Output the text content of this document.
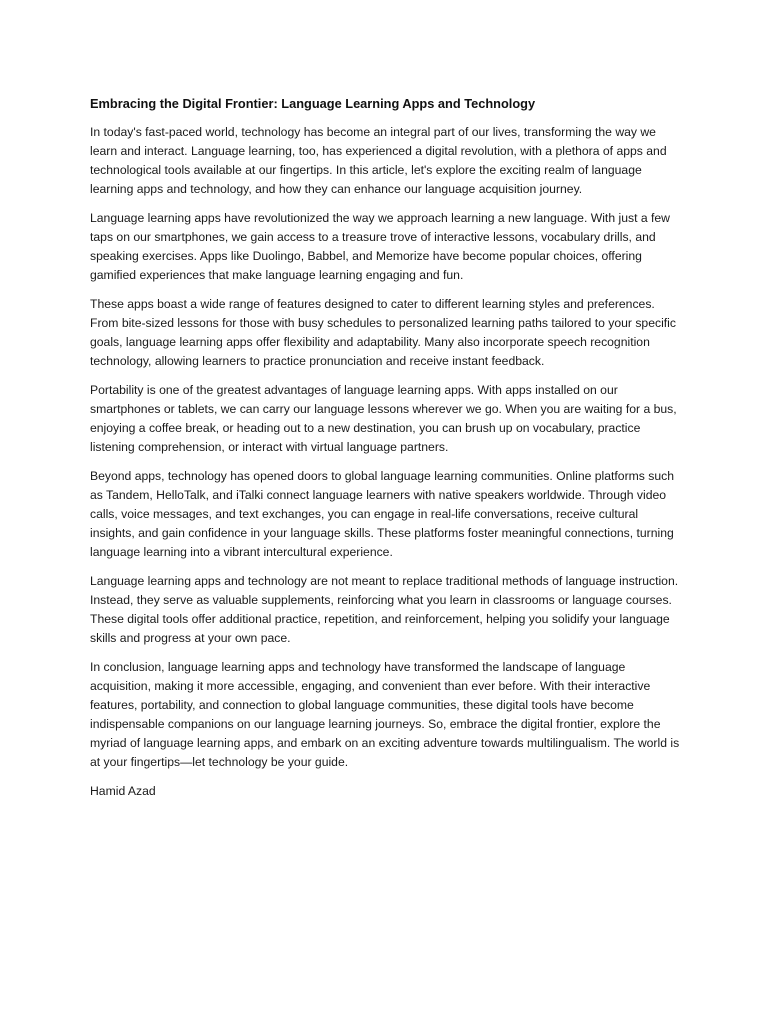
Embracing the Digital Frontier: Language Learning Apps and Technology

In today's fast-paced world, technology has become an integral part of our lives, transforming the way we learn and interact. Language learning, too, has experienced a digital revolution, with a plethora of apps and technological tools available at our fingertips. In this article, let's explore the exciting realm of language learning apps and technology, and how they can enhance our language acquisition journey.

Language learning apps have revolutionized the way we approach learning a new language. With just a few taps on our smartphones, we gain access to a treasure trove of interactive lessons, vocabulary drills, and speaking exercises. Apps like Duolingo, Babbel, and Memorize have become popular choices, offering gamified experiences that make language learning engaging and fun.

These apps boast a wide range of features designed to cater to different learning styles and preferences. From bite-sized lessons for those with busy schedules to personalized learning paths tailored to your specific goals, language learning apps offer flexibility and adaptability. Many also incorporate speech recognition technology, allowing learners to practice pronunciation and receive instant feedback.

Portability is one of the greatest advantages of language learning apps. With apps installed on our smartphones or tablets, we can carry our language lessons wherever we go. When you are waiting for a bus, enjoying a coffee break, or heading out to a new destination, you can brush up on vocabulary, practice listening comprehension, or interact with virtual language partners.

Beyond apps, technology has opened doors to global language learning communities. Online platforms such as Tandem, HelloTalk, and iTalki connect language learners with native speakers worldwide. Through video calls, voice messages, and text exchanges, you can engage in real-life conversations, receive cultural insights, and gain confidence in your language skills. These platforms foster meaningful connections, turning language learning into a vibrant intercultural experience.

Language learning apps and technology are not meant to replace traditional methods of language instruction. Instead, they serve as valuable supplements, reinforcing what you learn in classrooms or language courses. These digital tools offer additional practice, repetition, and reinforcement, helping you solidify your language skills and progress at your own pace.

In conclusion, language learning apps and technology have transformed the landscape of language acquisition, making it more accessible, engaging, and convenient than ever before. With their interactive features, portability, and connection to global language communities, these digital tools have become indispensable companions on our language learning journeys. So, embrace the digital frontier, explore the myriad of language learning apps, and embark on an exciting adventure towards multilingualism. The world is at your fingertips—let technology be your guide.

Hamid Azad
